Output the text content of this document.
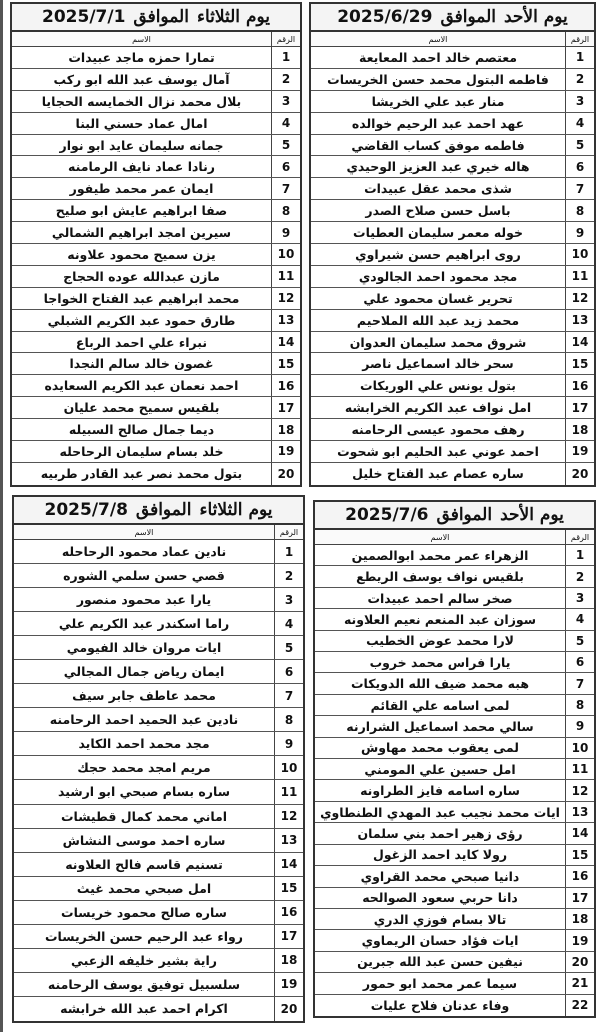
يوم الأحد
الموافق
2025/6/29
الرقم
الاسم
1
معتصم خالد احمد المعايعة
2
فاطمه البتول محمد حسن الخريسات
3
منار عبد علي الخريشا
4
عهد احمد عبد الرحيم خوالده
5
فاطمه موفق كساب القاضي
6
هاله خيري عبد العزيز الوحيدي
7
شذى محمد عقل عبيدات
8
باسل حسن صلاح الصدر
9
خوله معمر سليمان العطيات
10
روى ابراهيم حسن شيراوي
11
مجد محمود احمد الجالودي
12
تحرير غسان محمود علي
13
محمد زيد عبد الله الملاحيم
14
شروق محمد سليمان العدوان
15
سحر خالد اسماعيل ناصر
16
بتول يونس علي الوريكات
17
امل نواف عبد الكريم الخرابشه
18
رهف محمود عيسى الرحامنه
19
احمد عوني عبد الحليم ابو شحوت
20
ساره عصام عبد الفتاح خليل
يوم الثلاثاء
الموافق
2025/7/1
الرقم
الاسم
1
تمارا حمزه ماجد عبيدات
2
آمال يوسف عبد الله ابو ركب
3
بلال محمد نزال الخمايسه الحجايا
4
امال عماد حسني البنا
5
جمانه سليمان عايد ابو نوار
6
رنادا عماد نايف الرمامنه
7
ايمان عمر محمد طيفور
8
صفا ابراهيم عايش ابو صليح
9
سيرين امجد ابراهيم الشمالي
10
يزن سميح محمود علاونه
11
مازن عبدالله عوده الحجاج
12
محمد ابراهيم عبد الفتاح الخواجا
13
طارق حمود عبد الكريم الشبلي
14
نبراء علي احمد الرباع
15
غصون خالد سالم النجدا
16
احمد نعمان عبد الكريم السعايده
17
بلقيس سميح محمد عليان
18
ديما جمال صالح السبيله
19
خلد بسام سليمان الرحاحله
20
بتول محمد نصر عبد القادر طربيه
يوم الأحد
الموافق
2025/7/6
الرقم
الاسم
1
الزهراء عمر محمد ابوالصمين
2
بلقيس نواف يوسف الريطع
3
صخر سالم احمد عبيدات
4
سوزان عبد المنعم نعيم العلاونه
5
لارا محمد عوض الخطيب
6
يارا فراس محمد خروب
7
هبه محمد ضيف الله الدويكات
8
لمى اسامه علي القائم
9
سالي محمد اسماعيل الشرارنه
10
لمى يعقوب محمد مهاوش
11
امل حسين علي المومني
12
ساره اسامه فايز الطراونه
13
ايات محمد نجيب عبد المهدي الطنطاوي
14
رؤى زهير احمد بني سلمان
15
رولا كايد احمد الزغول
16
دانيا صبحي محمد القراوي
17
دانا حربي سعود الصوالحه
18
تالا بسام فوزي الدري
19
ايات فؤاد حسان الريماوي
20
نيفين حسن عبد الله جبرين
21
سيما عمر محمد ابو حمور
22
وفاء عدنان فلاح عليات
يوم الثلاثاء
الموافق
2025/7/8
الرقم
الاسم
1
نادين عماد محمود الرحاحله
2
قصي حسن سلمي الشوره
3
يارا عبد محمود منصور
4
راما اسكندر عبد الكريم علي
5
ايات مروان خالد الفيومي
6
ايمان رياض جمال المجالي
7
محمد عاطف جابر سيف
8
نادين عبد الحميد احمد الرحامنه
9
مجد محمد احمد الكايد
10
مريم امجد محمد حجك
11
ساره بسام صبحي ابو ارشيد
12
اماني محمد كمال قطيشات
13
ساره احمد موسى النشاش
14
تسنيم قاسم فالح العلاونه
15
امل صبحي محمد غيث
16
ساره صالح محمود خريسات
17
رواء عبد الرحيم حسن الخريسات
18
راية بشير خليفه الزعبي
19
سلسبيل توفيق يوسف الرحامنه
20
اكرام احمد عبد الله خرابشه
